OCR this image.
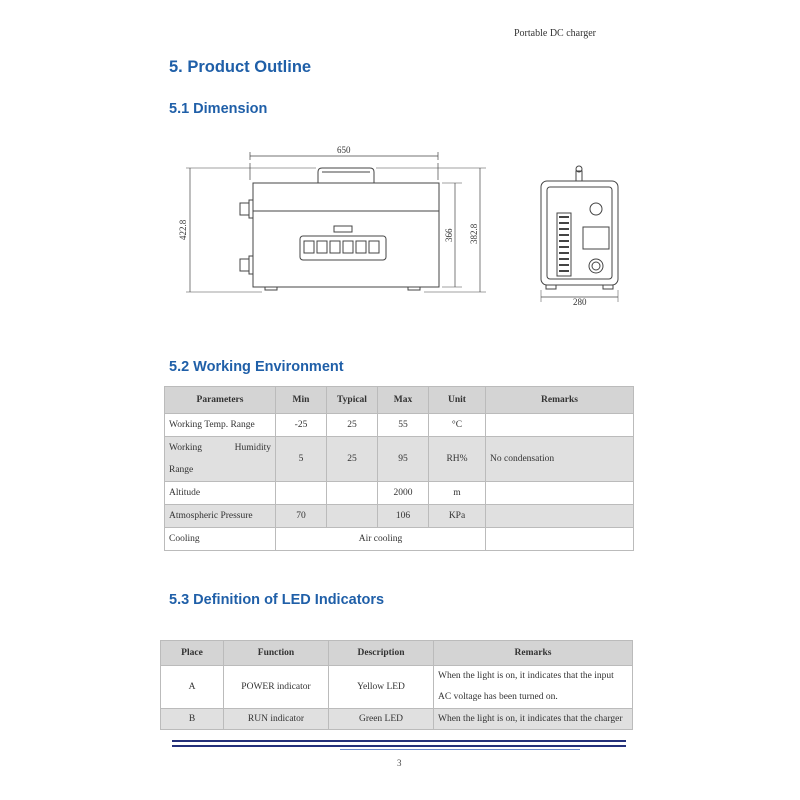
Portable DC charger
5. Product Outline
5.1 Dimension
650
422.8	366 382.8
280
5.2 Working Environment
Parameters	Min	Typical	Max	Unit	Remarks
Working Temp. Range	-25	25	55	°C	

Working Humidity
Range	5	25	95	RH%	No condensation
Altitude			2000	m	
Atmospheric Pressure	70		106	KPa	
Cooling	Air cooling				
5.3 Definition of LED Indicators
Place	Function	Description	Remarks
A	POWER indicator	Yellow LED	When the light is on, it indicates that the input
AC voltage has been turned on.

B	RUN indicator	Green LED	When the light is on, it indicates that the charger
3
